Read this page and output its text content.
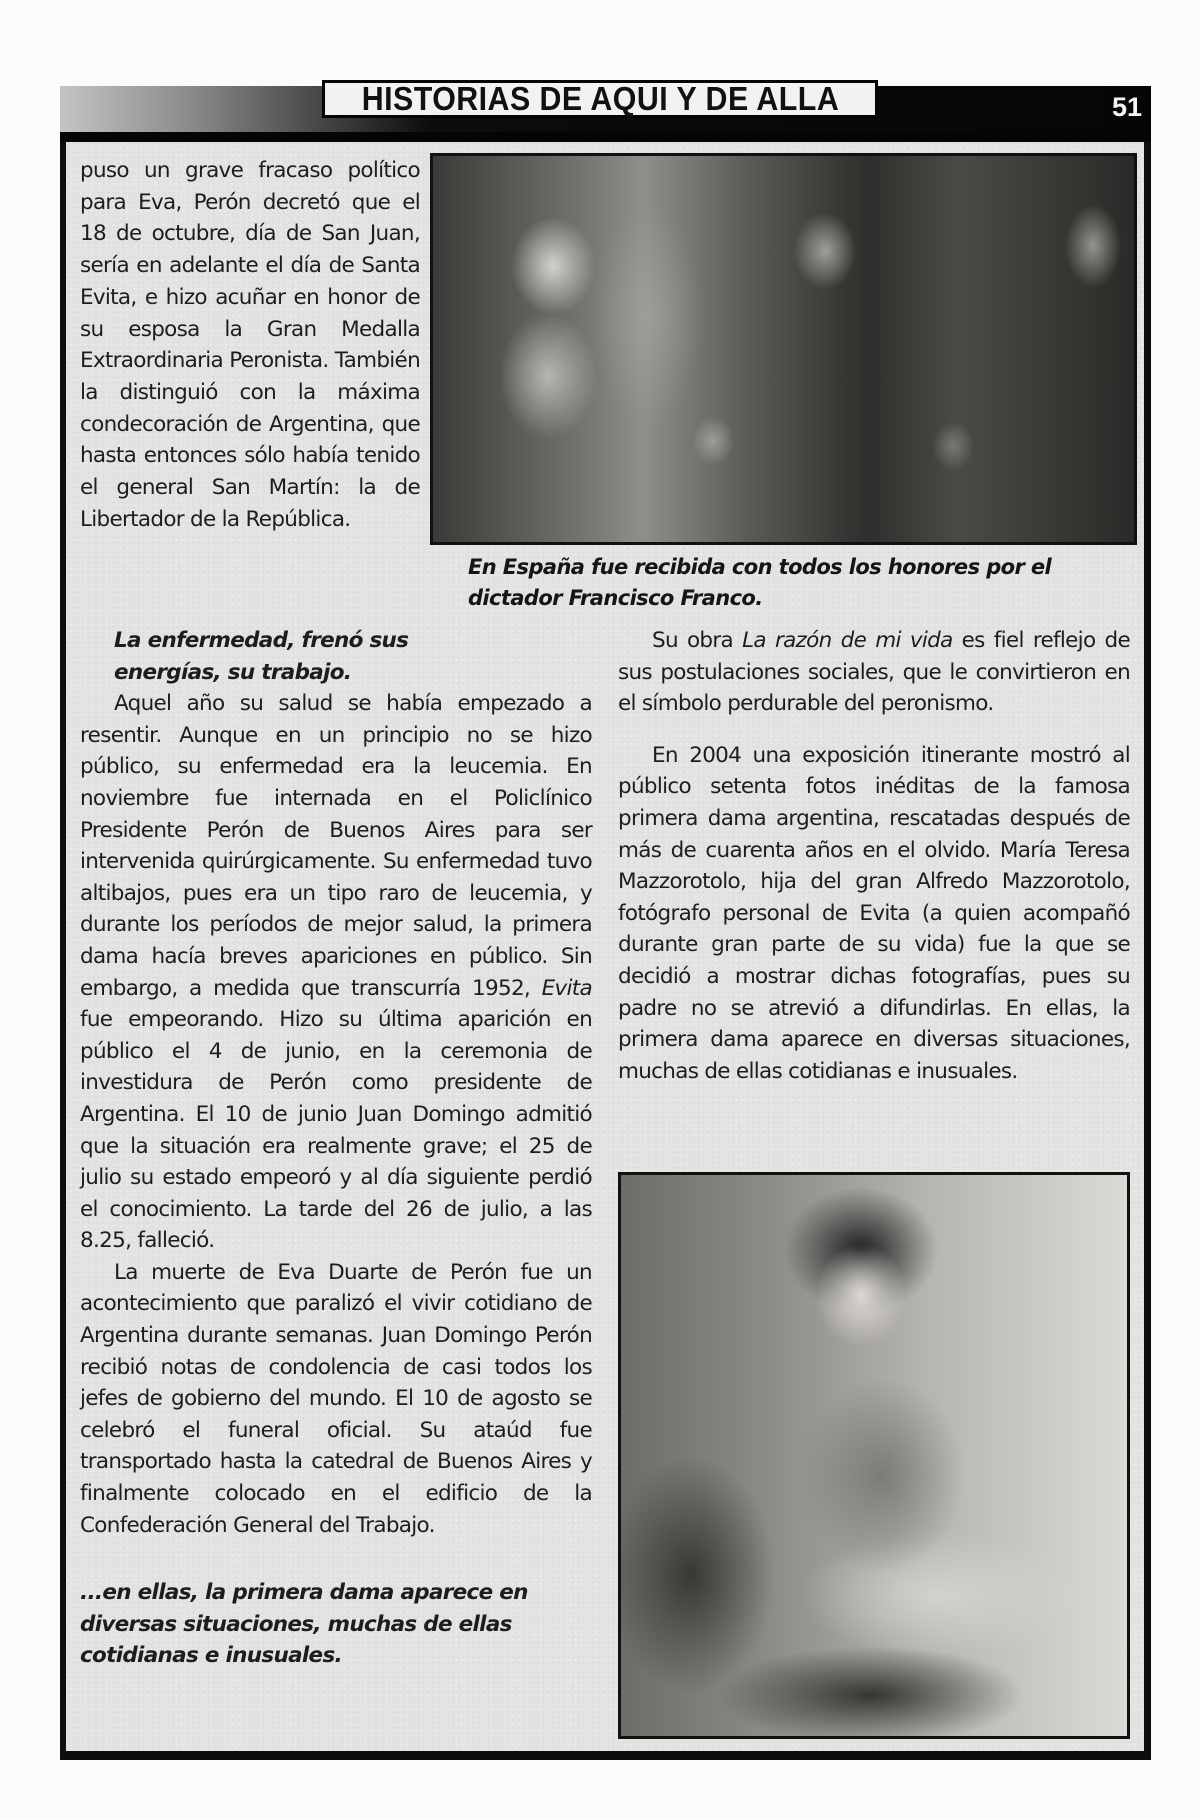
HISTORIAS DE AQUI Y DE ALLA	51

puso un grave fracaso político para Eva, Perón decretó que el 18 de octubre, día de San Juan, sería en adelante el día de Santa Evita, e hizo acuñar en honor de su esposa la Gran Medalla Extraordinaria Peronista. También la distinguió con la máxima condecoración de Argentina, que hasta entonces sólo había tenido el general San Martín: la de Libertador de la República.

En España fue recibida con todos los honores por el dictador Francisco Franco.

La enfermedad, frenó sus energías, su trabajo.

Aquel año su salud se había empezado a resentir. Aunque en un principio no se hizo público, su enfermedad era la leucemia. En noviembre fue internada en el Policlínico Presidente Perón de Buenos Aires para ser intervenida quirúrgicamente. Su enfermedad tuvo altibajos, pues era un tipo raro de leucemia, y durante los períodos de mejor salud, la primera dama hacía breves apariciones en público. Sin embargo, a medida que transcurría 1952, Evita fue empeorando. Hizo su última aparición en público el 4 de junio, en la ceremonia de investidura de Perón como presidente de Argentina. El 10 de junio Juan Domingo admitió que la situación era realmente grave; el 25 de julio su estado empeoró y al día siguiente perdió el conocimiento. La tarde del 26 de julio, a las 8.25, falleció.

La muerte de Eva Duarte de Perón fue un acontecimiento que paralizó el vivir cotidiano de Argentina durante semanas. Juan Domingo Perón recibió notas de condolencia de casi todos los jefes de gobierno del mundo. El 10 de agosto se celebró el funeral oficial. Su ataúd fue transportado hasta la catedral de Buenos Aires y finalmente colocado en el edificio de la Confederación General del Trabajo.

...en ellas, la primera dama aparece en diversas situaciones, muchas de ellas cotidianas e inusuales.

Su obra La razón de mi vida es fiel reflejo de sus postulaciones sociales, que le convirtieron en el símbolo perdurable del peronismo.

En 2004 una exposición itinerante mostró al público setenta fotos inéditas de la famosa primera dama argentina, rescatadas después de más de cuarenta años en el olvido. María Teresa Mazzorotolo, hija del gran Alfredo Mazzorotolo, fotógrafo personal de Evita (a quien acompañó durante gran parte de su vida) fue la que se decidió a mostrar dichas fotografías, pues su padre no se atrevió a difundirlas. En ellas, la primera dama aparece en diversas situaciones, muchas de ellas cotidianas e inusuales.
